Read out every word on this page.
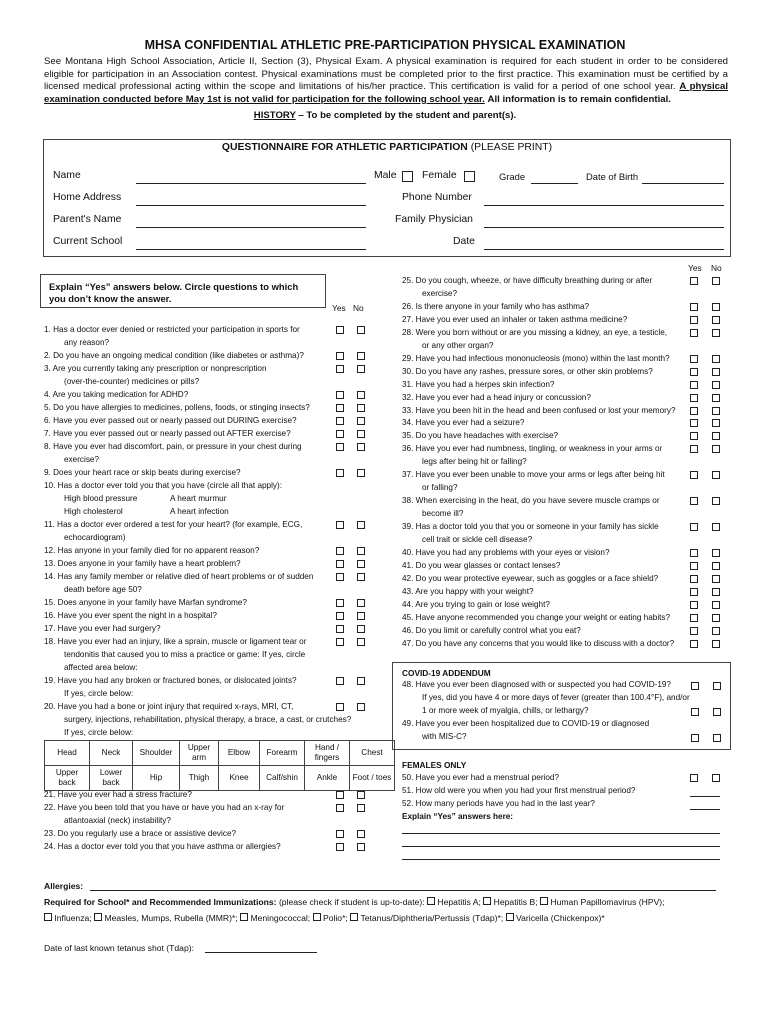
MHSA CONFIDENTIAL ATHLETIC PRE-PARTICIPATION PHYSICAL EXAMINATION
See Montana High School Association, Article II, Section (3), Physical Exam. A physical examination is required for each student in order to be considered eligible for participation in an Association contest. Physical examinations must be completed prior to the first practice. This examination must be certified by a licensed medical professional acting within the scope and limitations of his/her practice. This certification is valid for a period of one school year. A physical examination conducted before May 1st is not valid for participation for the following school year. All information is to remain confidential.
HISTORY – To be completed by the student and parent(s).
QUESTIONNAIRE FOR ATHLETIC PARTICIPATION (PLEASE PRINT)
Name	Male Female	Grade	Date of Birth
Home Address	Phone Number
Parent's Name	Family Physician
Current School	Date
Explain “Yes” answers below. Circle questions to which you don’t know the answer.
Yes No
Yes No
1. Has a doctor ever denied or restricted your participation in sports for
any reason?
2. Do you have an ongoing medical condition (like diabetes or asthma)?
3. Are you currently taking any prescription or nonprescription
(over-the-counter) medicines or pills?
4. Are you taking medication for ADHD?
5. Do you have allergies to medicines, pollens, foods, or stinging insects?
6. Have you ever passed out or nearly passed out DURING exercise?
7. Have you ever passed out or nearly passed out AFTER exercise?
8. Have you ever had discomfort, pain, or pressure in your chest during
exercise?
9. Does your heart race or skip beats during exercise?
10. Has a doctor ever told you that you have (circle all that apply):
High blood pressure	A heart murmur
High cholesterol	A heart infection
11. Has a doctor ever ordered a test for your heart? (for example, ECG,
echocardiogram)
12. Has anyone in your family died for no apparent reason?
13. Does anyone in your family have a heart problem?
14. Has any family member or relative died of heart problems or of sudden
death before age 50?
15. Does anyone in your family have Marfan syndrome?
16. Have you ever spent the night in a hospital?
17. Have you ever had surgery?
18. Have you ever had an injury, like a sprain, muscle or ligament tear or
tendonitis that caused you to miss a practice or game: If yes, circle
affected area below:
19. Have you had any broken or fractured bones, or dislocated joints?
If yes, circle below:
20. Have you had a bone or joint injury that required x-rays, MRI, CT,
surgery, injections, rehabilitation, physical therapy, a brace, a cast, or crutches?
If yes, circle below:
21. Have you ever had a stress fracture?
22. Have you been told that you have or have you had an x-ray for
atlantoaxial (neck) instability?
23. Do you regularly use a brace or assistive device?
24. Has a doctor ever told you that you have asthma or allergies?
25. Do you cough, wheeze, or have difficulty breathing during or after
exercise?
26. Is there anyone in your family who has asthma?
27. Have you ever used an inhaler or taken asthma medicine?
28. Were you born without or are you missing a kidney, an eye, a testicle,
or any other organ?
29. Have you had infectious mononucleosis (mono) within the last month?
30. Do you have any rashes, pressure sores, or other skin problems?
31. Have you had a herpes skin infection?
32. Have you ever had a head injury or concussion?
33. Have you been hit in the head and been confused or lost your memory?
34. Have you ever had a seizure?
35. Do you have headaches with exercise?
36. Have you ever had numbness, tingling, or weakness in your arms or
legs after being hit or falling?
37. Have you ever been unable to move your arms or legs after being hit
or falling?
38. When exercising in the heat, do you have severe muscle cramps or
become ill?
39. Has a doctor told you that you or someone in your family has sickle
cell trait or sickle cell disease?
40. Have you had any problems with your eyes or vision?
41. Do you wear glasses or contact lenses?
42. Do you wear protective eyewear, such as goggles or a face shield?
43. Are you happy with your weight?
44. Are you trying to gain or lose weight?
45. Have anyone recommended you change your weight or eating habits?
46. Do you limit or carefully control what you eat?
47. Do you have any concerns that you would like to discuss with a doctor?
Head	Neck	Shoulder	Upper arm	Elbow	Forearm	Hand / fingers	Chest
Upper back	Lower back	Hip	Thigh	Knee	Calf/shin	Ankle	Foot / toes
COVID-19 ADDENDUM
48. Have you ever been diagnosed with or suspected you had COVID-19?
If yes, did you have 4 or more days of fever (greater than 100.4°F), and/or
1 or more week of myalgia, chills, or lethargy?
49. Have you ever been hospitalized due to COVID-19 or diagnosed
with MIS-C?
FEMALES ONLY
50. Have you ever had a menstrual period?
51. How old were you when you had your first menstrual period?
52. How many periods have you had in the last year?
Explain “Yes” answers here:
Allergies:
Required for School* and Recommended Immunizations: (please check if student is up-to-date): Hepatitis A; Hepatitis B; Human Papillomavirus (HPV);
Influenza; Measles, Mumps, Rubella (MMR)*; Meningococcal; Polio*; Tetanus/Diphtheria/Pertussis (Tdap)*; Varicella (Chickenpox)*
Date of last known tetanus shot (Tdap):
